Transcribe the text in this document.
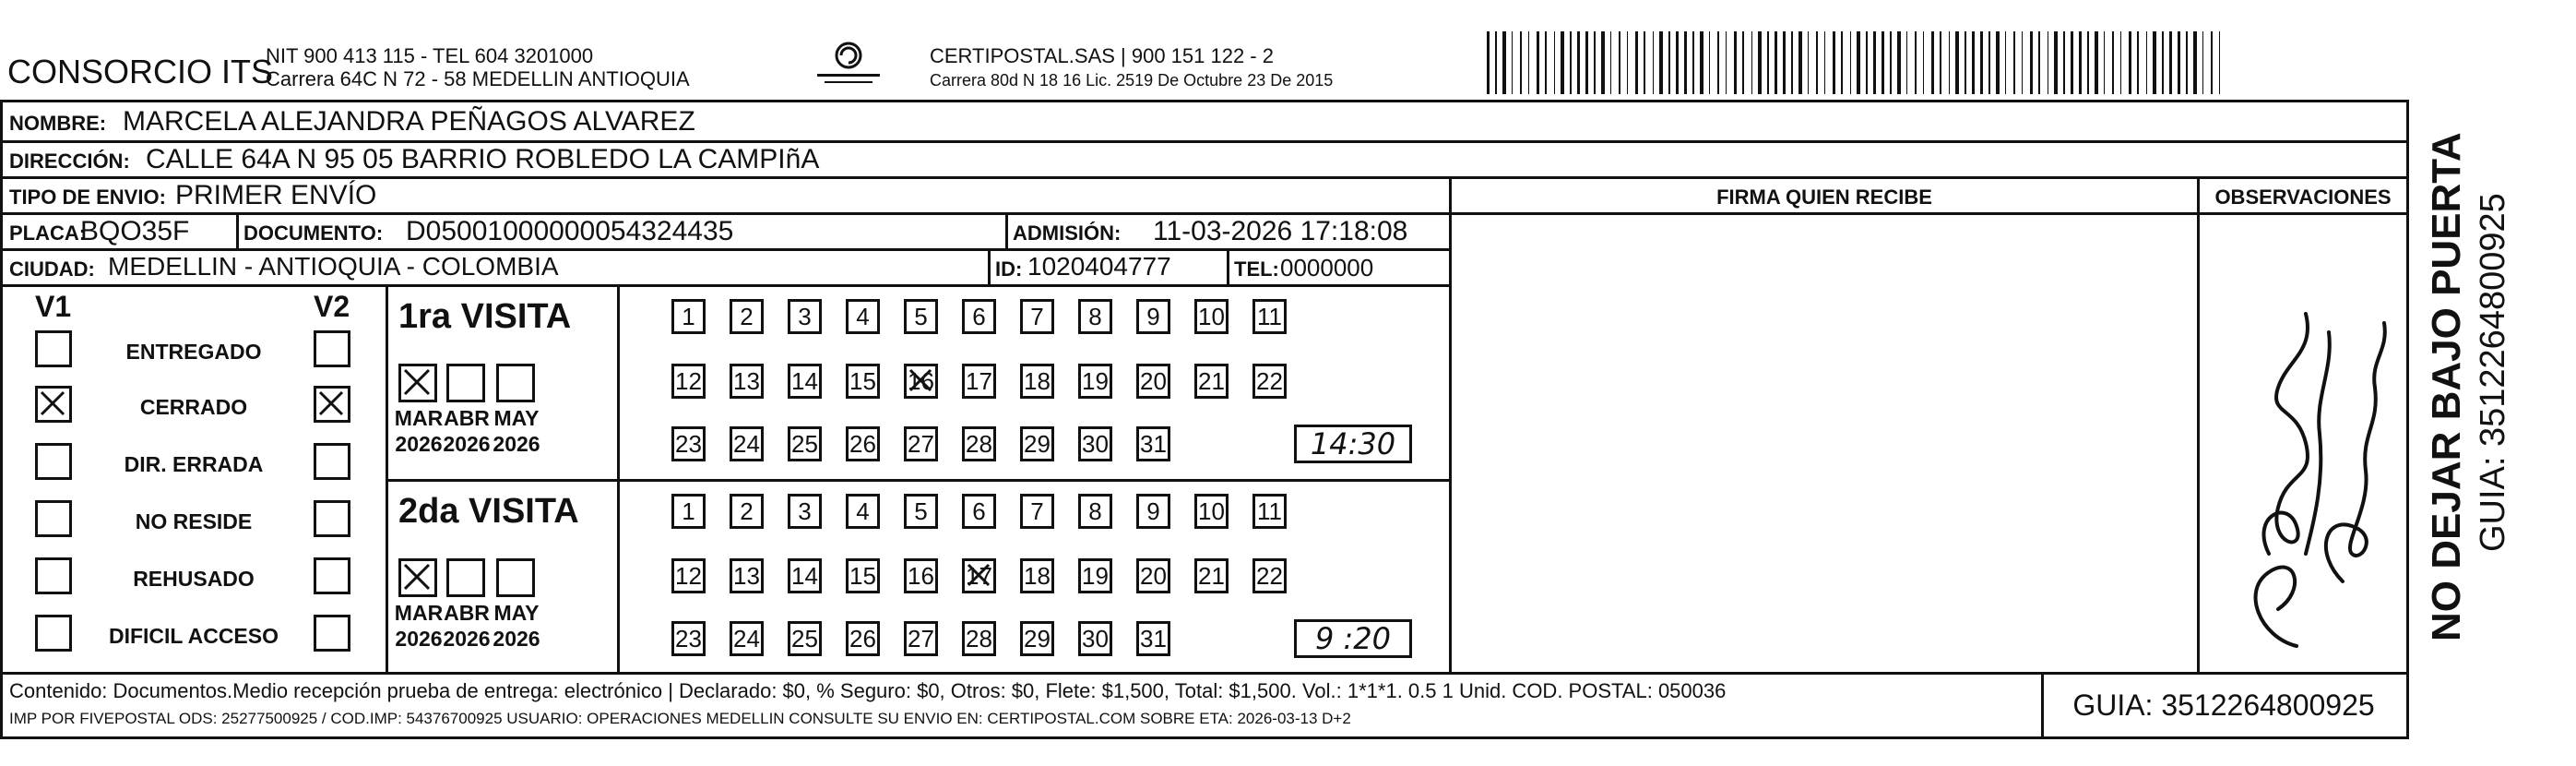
CONSORCIO ITS
NIT 900 413 115 - TEL 604 3201000
Carrera 64C N 72 - 58 MEDELLIN ANTIOQUIA
CERTIPOSTAL.SAS | 900 151 122 - 2
Carrera 80d N 18 16 Lic. 2519 De Octubre 23 De 2015
NOMBRE: MARCELA ALEJANDRA PEÑAGOS ALVAREZ
DIRECCIÓN: CALLE 64A N 95 05 BARRIO ROBLEDO LA CAMPIñA
TIPO DE ENVIO: PRIMER ENVÍO	FIRMA QUIEN RECIBE	OBSERVACIONES
PLACA:
BQO35F	DOCUMENTO: D05001000000054324435	ADMISIÓN: 11-03-2026 17:18:08
CIUDAD: MEDELLIN - ANTIOQUIA - COLOMBIA	ID: 1020404777	TEL: 0000000
V1	V2
ENTREGADO
CERRADO
DIR. ERRADA
NO RESIDE
REHUSADO
DIFICIL ACCESO
1ra VISITA
MAR
2026
ABR
2026
MAY
2026
1	2	3	4	5	6	7	8	9	10 11
12 13 14 15 16 17 18 19 20 21 22
23 24 25 26 27 28 29 30 31	14:30
2da VISITA
MAR
2026
ABR
2026
MAY
2026
1	2	3	4	5	6	7	8	9	10 11
12 13 14 15 16 17 18 19 20 21 22
23 24 25 26 27 28 29 30 31	9 :20
Contenido: Documentos.Medio recepción prueba de entrega: electrónico | Declarado: $0, % Seguro: $0, Otros: $0, Flete: $1,500, Total: $1,500. Vol.: 1*1*1. 0.5 1 Unid. COD. POSTAL: 050036
IMP POR FIVEPOSTAL ODS: 25277500925 / COD.IMP: 54376700925 USUARIO: OPERACIONES MEDELLIN CONSULTE SU ENVIO EN: CERTIPOSTAL.COM SOBRE ETA: 2026-03-13 D+2	GUIA: 3512264800925
NO DEJAR BAJO PUERTA GUIA: 3512264800925
